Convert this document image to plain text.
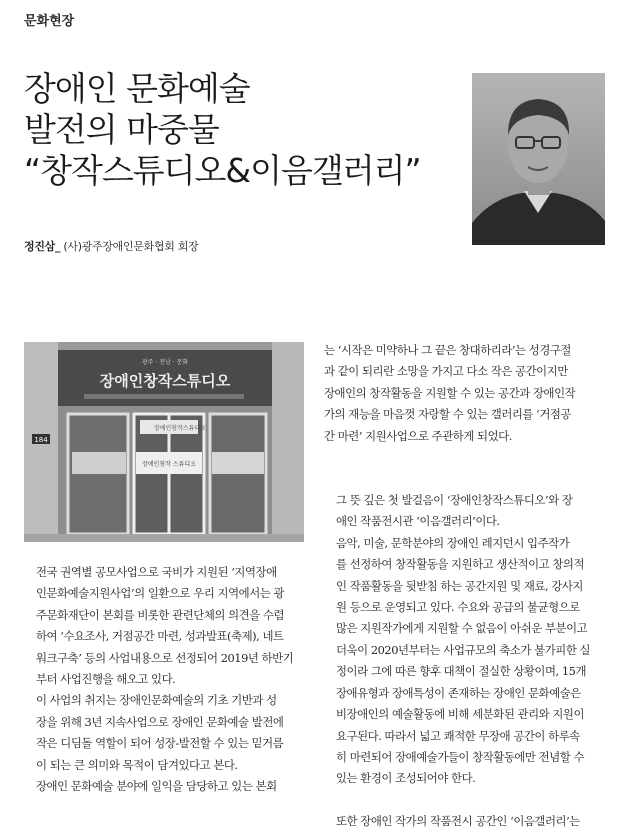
문화현장
장애인 문화예술
발전의 마중물
“창작스튜디오&이음갤러리”
정진삼_ (사)광주장애인문화협회 회장
광주 · 전남 · 문화
장애인창작스튜디오
장애인창작 스튜디오
장애인창작스튜디오
184

전국 권역별 공모사업으로 국비가 지원된 ‘지역장애
인문화예술지원사업’의 일환으로 우리 지역에서는 광
주문화재단이 본회를 비롯한 관련단체의 의견을 수렴
하여 ‘수요조사, 거점공간 마련, 성과발표(축제), 네트
워크구축’ 등의 사업내용으로 선정되어 2019년 하반기
부터 사업진행을 해오고 있다.

이 사업의 취지는 장애인문화예술의 기초 기반과 성
장을 위해 3년 지속사업으로 장애인 문화예술 발전에
작은 디딤돌 역할이 되어 성장-발전할 수 있는 밑거름
이 되는 큰 의미와 목적이 담겨있다고 본다.

장애인 문화예술 분야에 일익을 담당하고 있는 본회

는 ‘시작은 미약하나 그 끝은 창대하리라’는 성경구절
과 같이 되리란 소망을 가지고 다소 작은 공간이지만
장애인의 창작활동을 지원할 수 있는 공간과 장애인작
가의 재능을 마음껏 자랑할 수 있는 갤러리를 ‘거점공
간 마련’ 지원사업으로 주관하게 되었다.

그 뜻 깊은 첫 발걸음이 ‘장애인창작스튜디오’와 장
애인 작품전시관 ‘이음갤러리’이다.

음악, 미술, 문학분야의 장애인 레지던시 입주작가
를 선정하여 창작활동을 지원하고 생산적이고 창의적
인 작품활동을 뒷받침 하는 공간지원 및 재료, 강사지
원 등으로 운영되고 있다. 수요와 공급의 불균형으로
많은 지원작가에게 지원할 수 없음이 아쉬운 부분이고
더욱이 2020년부터는 사업규모의 축소가 불가피한 실
정이라 그에 따른 향후 대책이 절실한 상황이며, 15개
장애유형과 장애특성이 존재하는 장애인 문화예술은
비장애인의 예술활동에 비해 세분화된 관리와 지원이
요구된다. 따라서 넓고 쾌적한 무장애 공간이 하루속
히 마련되어 장애예술가들이 창작활동에만 전념할 수
있는 환경이 조성되어야 한다.

또한 장애인 작가의 작품전시 공간인 ‘이음갤러리’는
